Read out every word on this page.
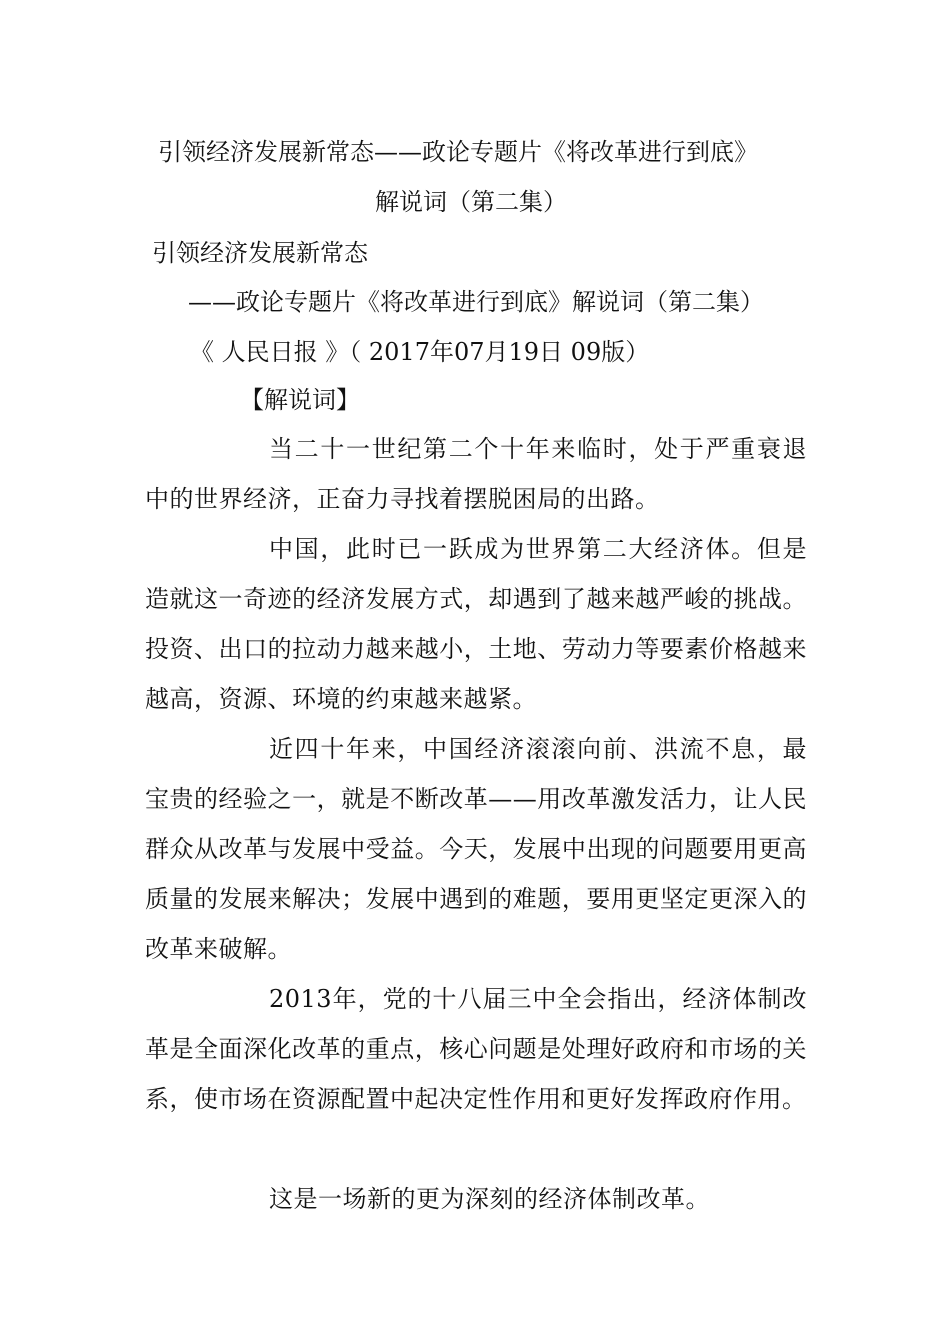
引领经济发展新常态——政论专题片《将改革进行到底》
解说词（第二集）
引领经济发展新常态
——政论专题片《将改革进行到底》解说词（第二集）
《 人民日报 》（ 2017年07月19日 09版）
【解说词】

当二十一世纪第二个十年来临时，处于严重衰退中的世界经济，正奋力寻找着摆脱困局的出路。

中国，此时已一跃成为世界第二大经济体。但是造就这一奇迹的经济发展方式，却遇到了越来越严峻的挑战。投资、出口的拉动力越来越小，土地、劳动力等要素价格越来越高，资源、环境的约束越来越紧。

近四十年来，中国经济滚滚向前、洪流不息，最宝贵的经验之一，就是不断改革——用改革激发活力，让人民群众从改革与发展中受益。今天，发展中出现的问题要用更高质量的发展来解决；发展中遇到的难题，要用更坚定更深入的改革来破解。

2013年，党的十八届三中全会指出，经济体制改革是全面深化改革的重点，核心问题是处理好政府和市场的关系，使市场在资源配置中起决定性作用和更好发挥政府作用。

这是一场新的更为深刻的经济体制改革。
